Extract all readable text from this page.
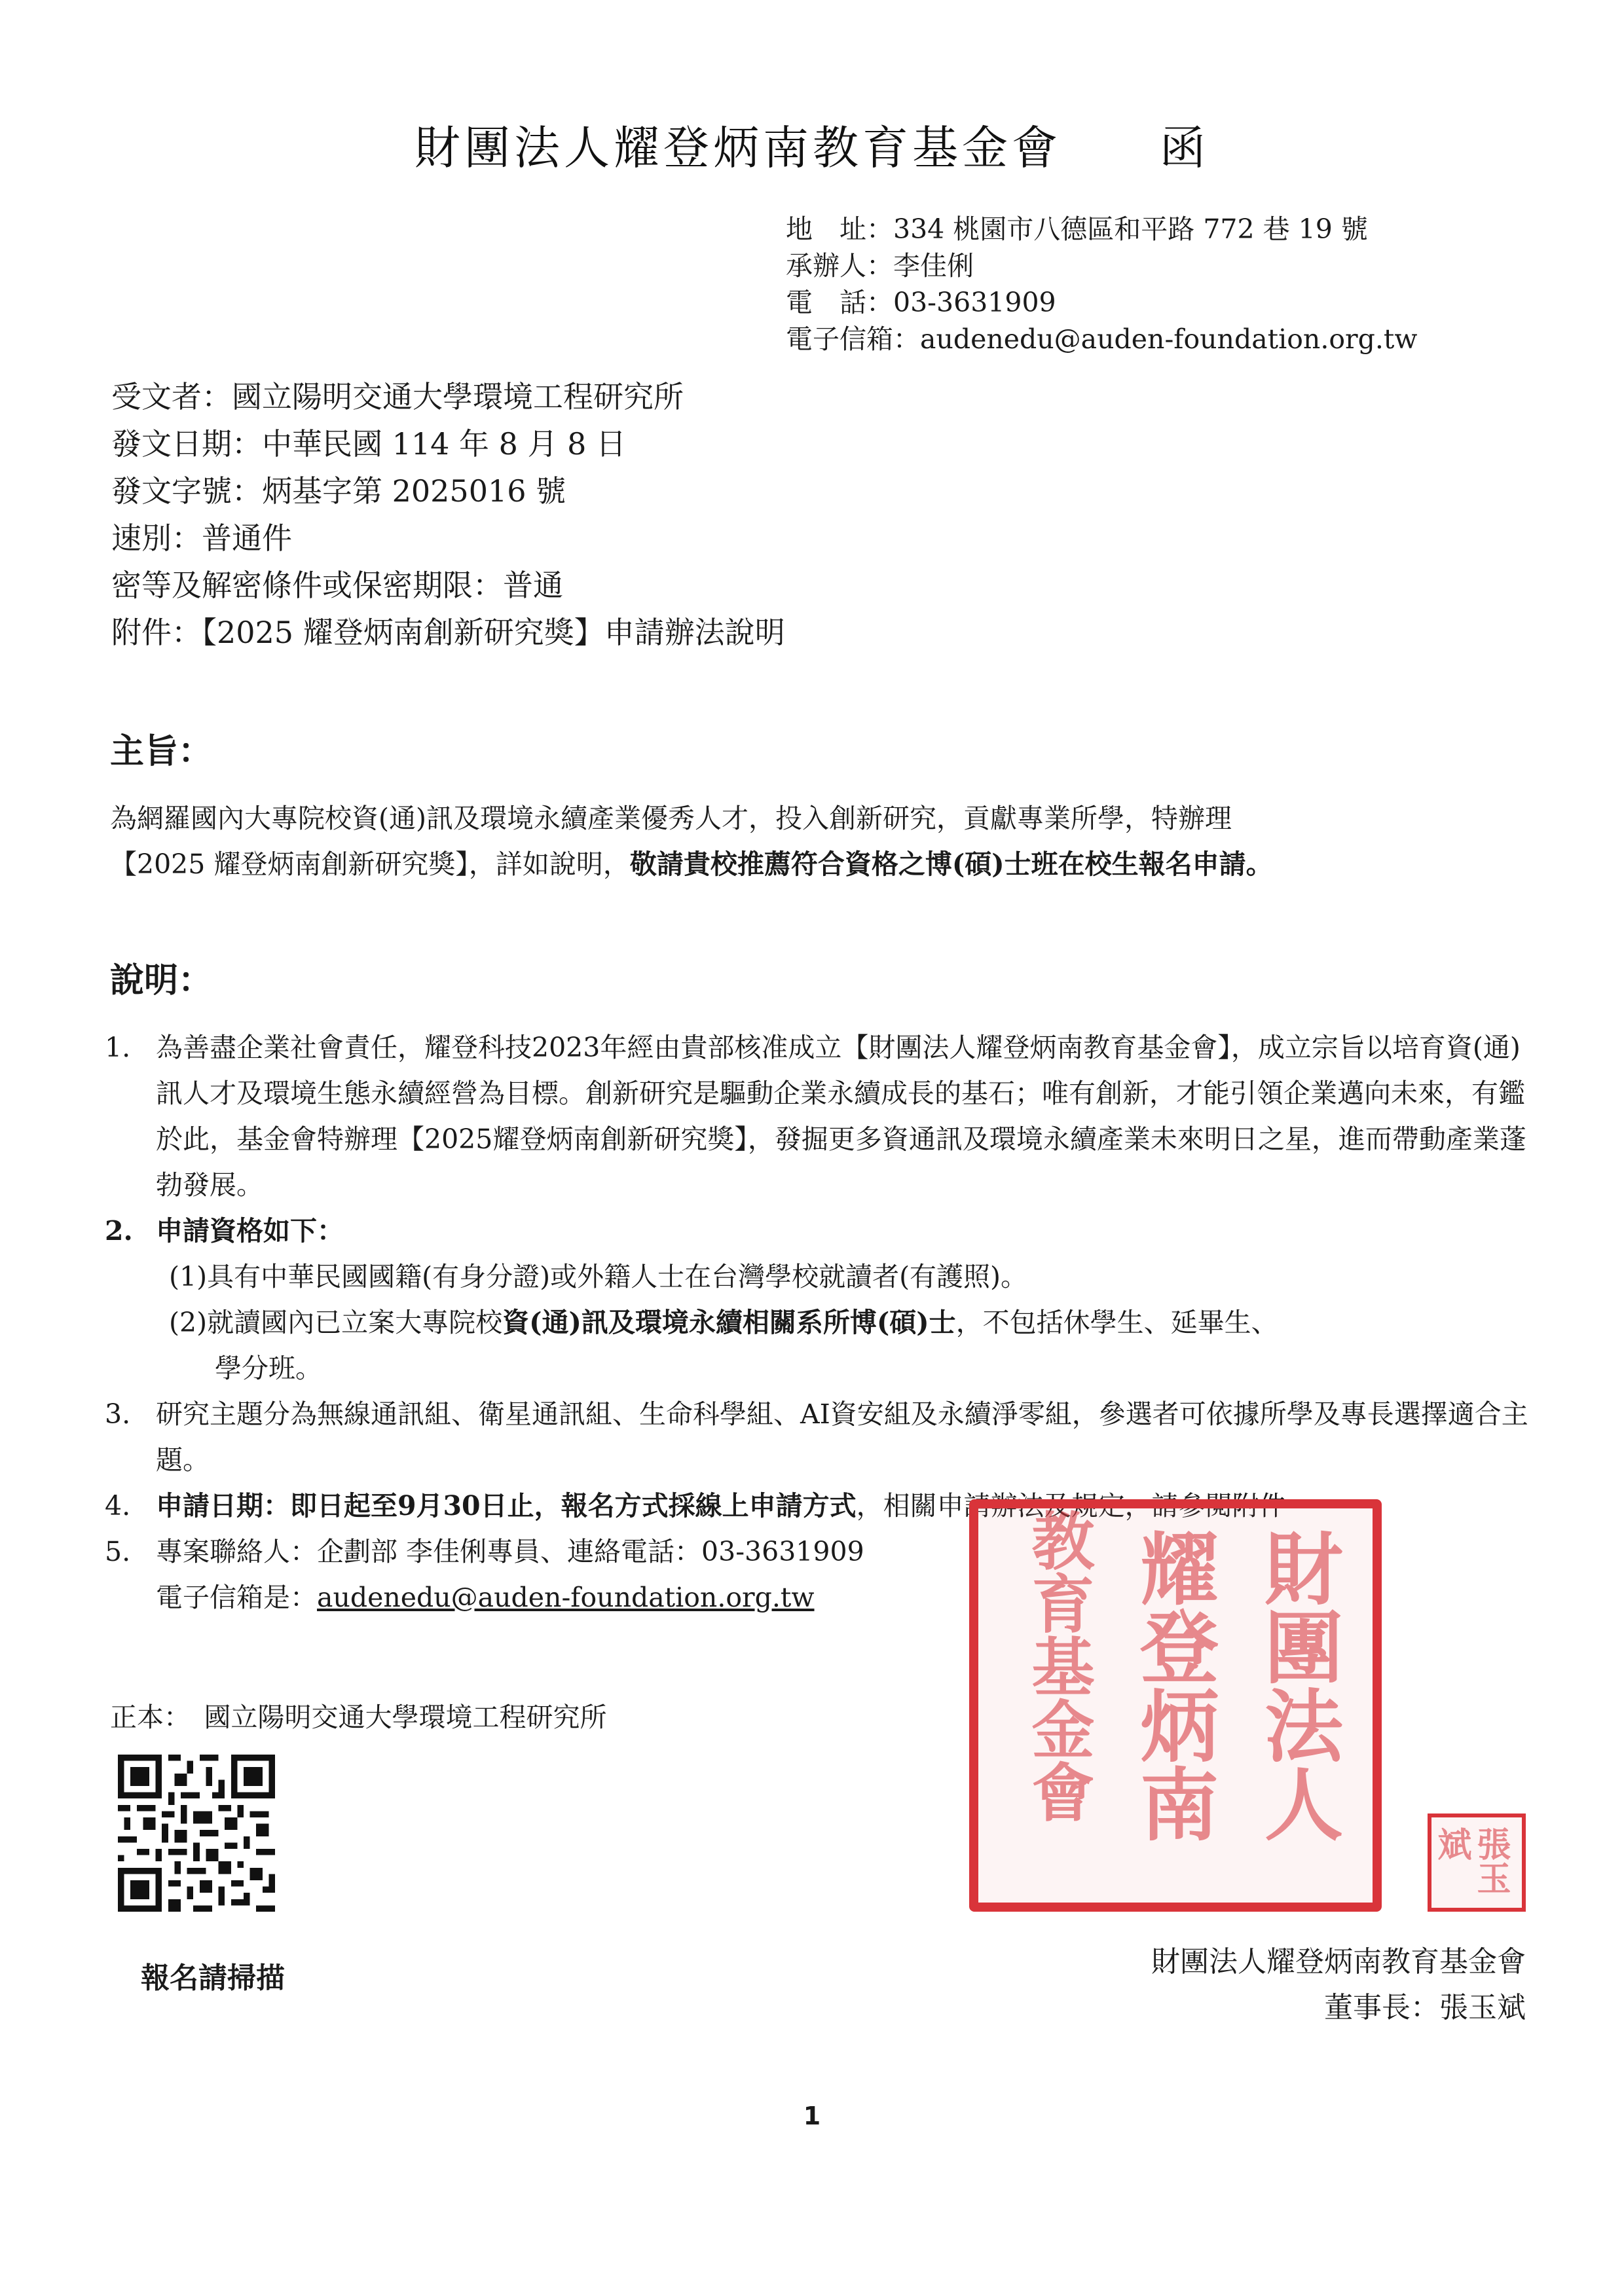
財團法人耀登炳南教育基金會 函
地　址：334 桃園市八德區和平路 772 巷 19 號
承辦人：李佳俐
電　話：03-3631909
電子信箱：audenedu@auden-foundation.org.tw
受文者：國立陽明交通大學環境工程研究所
發文日期：中華民國 114 年 8 月 8 日
發文字號：炳基字第 2025016 號
速別：普通件
密等及解密條件或保密期限：普通
附件：【2025 耀登炳南創新研究獎】申請辦法說明
主旨：
為網羅國內大專院校資(通)訊及環境永續產業優秀人才，投入創新研究，貢獻專業所學，特辦理
【2025 耀登炳南創新研究獎】，詳如說明，敬請貴校推薦符合資格之博(碩)士班在校生報名申請。
說明：
1. 為善盡企業社會責任，耀登科技2023年經由貴部核准成立【財團法人耀登炳南教育基金會】，成立宗旨以培育資(通)訊人才及環境生態永續經營為目標。創新研究是驅動企業永續成長的基石；唯有創新，才能引領企業邁向未來，有鑑於此，基金會特辦理【2025耀登炳南創新研究獎】，發掘更多資通訊及環境永續產業未來明日之星，進而帶動產業蓬勃發展。
2. 申請資格如下：
(1)具有中華民國國籍(有身分證)或外籍人士在台灣學校就讀者(有護照)。
(2)就讀國內已立案大專院校資(通)訊及環境永續相關系所博(碩)士，不包括休學生、延畢生、
學分班。
3. 研究主題分為無線通訊組、衛星通訊組、生命科學組、AI資安組及永續淨零組，參選者可依據所學及專長選擇適合主題。
4. 申請日期：即日起至9月30日止，報名方式採線上申請方式，相關申請辦法及規定，請參閱附件
5. 專案聯絡人：企劃部 李佳俐專員、連絡電話：03-3631909
電子信箱是：audenedu@auden-foundation.org.tw
正本：　國立陽明交通大學環境工程研究所
報名請掃描
財團法人
耀登炳南
教育基金會
張玉斌
財團法人耀登炳南教育基金會
董事長：張玉斌
1
